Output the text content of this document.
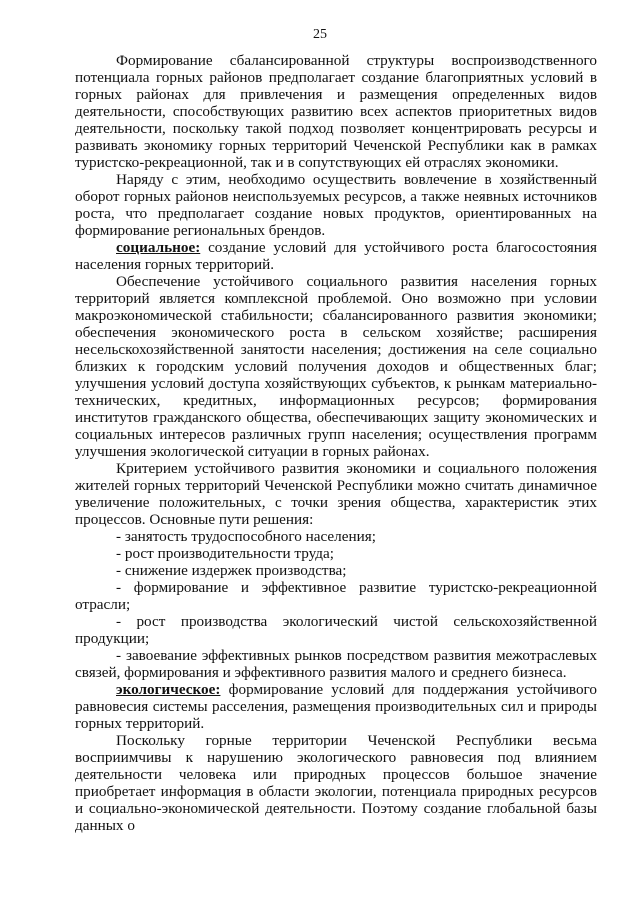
25

Формирование сбалансированной структуры воспроизводственного потенциала горных районов предполагает создание благоприятных условий в горных районах для привлечения и размещения определенных видов деятельности, способствующих развитию всех аспектов приоритетных видов деятельности, поскольку такой подход позволяет концентрировать ресурсы и развивать экономику горных территорий Чеченской Республики как в рамках туристско-рекреационной, так и в сопутствующих ей отраслях экономики.

Наряду с этим, необходимо осуществить вовлечение в хозяйственный оборот горных районов неиспользуемых ресурсов, а также неявных источников роста, что предполагает создание новых продуктов, ориентированных на формирование региональных брендов.

социальное: создание условий для устойчивого роста благосостояния населения горных территорий.

Обеспечение устойчивого социального развития населения горных территорий является комплексной проблемой. Оно возможно при условии макроэкономической стабильности; сбалансированного развития экономики; обеспечения экономического роста в сельском хозяйстве; расширения несельскохозяйственной занятости населения; достижения на селе социально близких к городским условий получения доходов и общественных благ; улучшения условий доступа хозяйствующих субъектов, к рынкам материально-технических, кредитных, информационных ресурсов; формирования институтов гражданского общества, обеспечивающих защиту экономических и социальных интересов различных групп населения; осуществления программ улучшения экологической ситуации в горных районах.

Критерием устойчивого развития экономики и социального положения жителей горных территорий Чеченской Республики можно считать динамичное увеличение положительных, с точки зрения общества, характеристик этих процессов. Основные пути решения:

- занятость трудоспособного населения;

- рост производительности труда;

- снижение издержек производства;

- формирование и эффективное развитие туристско-рекреационной отрасли;

- рост производства экологический чистой сельскохозяйственной продукции;

- завоевание эффективных рынков посредством развития межотраслевых связей, формирования и эффективного развития малого и среднего бизнеса.

экологическое: формирование условий для поддержания устойчивого равновесия системы расселения, размещения производительных сил и природы горных территорий.

Поскольку горные территории Чеченской Республики весьма восприимчивы к нарушению экологического равновесия под влиянием деятельности человека или природных процессов большое значение приобретает информация в области экологии, потенциала природных ресурсов и социально-экономической деятельности. Поэтому создание глобальной базы данных о
